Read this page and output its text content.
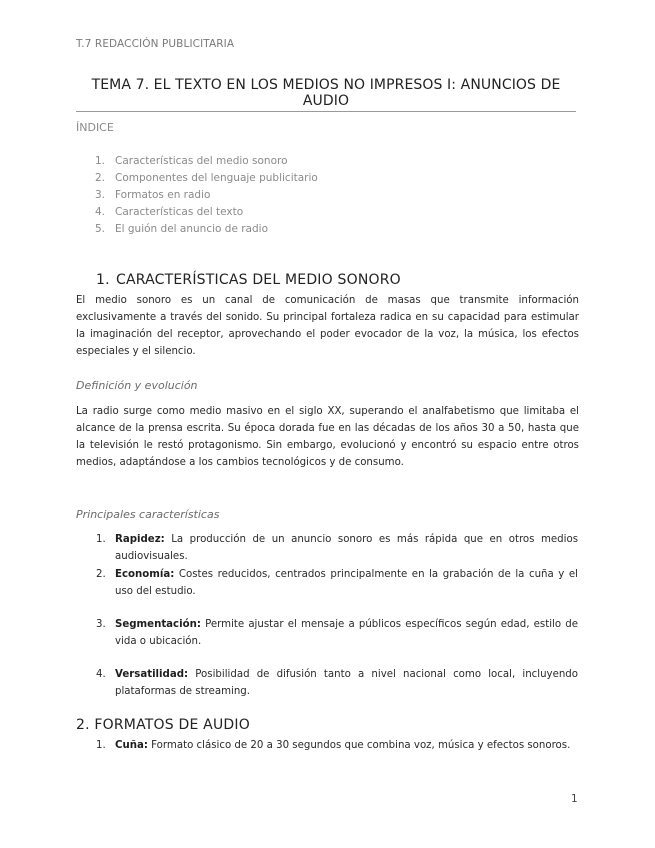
T.7 REDACCIÓN PUBLICITARIA
TEMA 7. EL TEXTO EN LOS MEDIOS NO IMPRESOS I: ANUNCIOS DE AUDIO
ÍNDICE
1. Características del medio sonoro
2. Componentes del lenguaje publicitario
3. Formatos en radio
4. Características del texto
5. El guión del anuncio de radio
1. CARACTERÍSTICAS DEL MEDIO SONORO
El medio sonoro es un canal de comunicación de masas que transmite información exclusivamente a través del sonido. Su principal fortaleza radica en su capacidad para estimular la imaginación del receptor, aprovechando el poder evocador de la voz, la música, los efectos especiales y el silencio.
Definición y evolución
La radio surge como medio masivo en el siglo XX, superando el analfabetismo que limitaba el alcance de la prensa escrita. Su época dorada fue en las décadas de los años 30 a 50, hasta que la televisión le restó protagonismo. Sin embargo, evolucionó y encontró su espacio entre otros medios, adaptándose a los cambios tecnológicos y de consumo.
Principales características
1. Rapidez: La producción de un anuncio sonoro es más rápida que en otros medios audiovisuales.
2. Economía: Costes reducidos, centrados principalmente en la grabación de la cuña y el uso del estudio.
3. Segmentación: Permite ajustar el mensaje a públicos específicos según edad, estilo de vida o ubicación.
4. Versatilidad: Posibilidad de difusión tanto a nivel nacional como local, incluyendo plataformas de streaming.
2. FORMATOS DE AUDIO
1. Cuña: Formato clásico de 20 a 30 segundos que combina voz, música y efectos sonoros.
1
